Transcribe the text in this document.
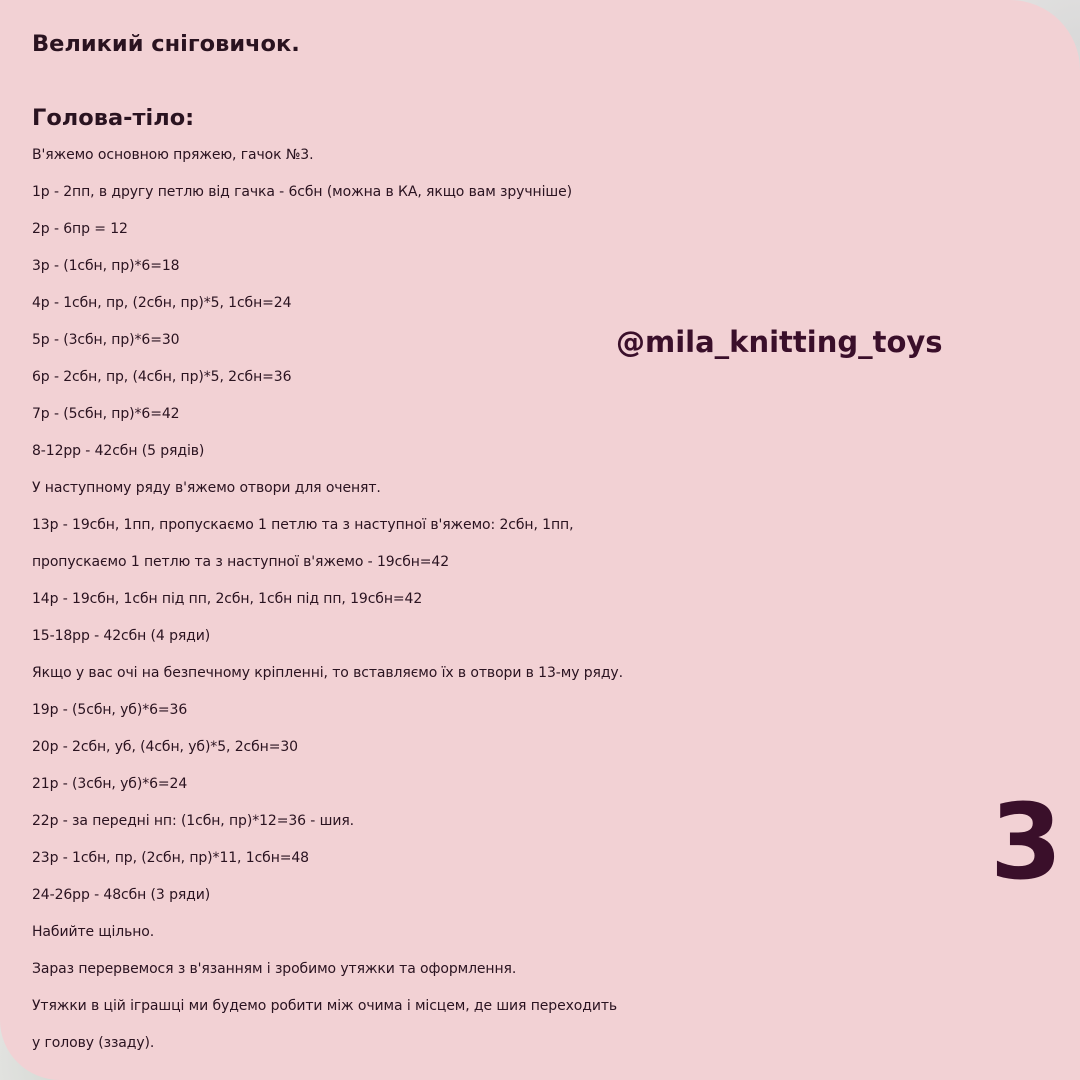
Великий сніговичок.
Голова-тіло:
В'яжемо основною пряжею, гачок №3.
1р - 2пп, в другу петлю від гачка - 6сбн (можна в КА, якщо вам зручніше)
2р - 6пр = 12
3р - (1сбн, пр)*6=18
4р - 1сбн, пр, (2сбн, пр)*5, 1сбн=24
5р - (3сбн, пр)*6=30
6р - 2сбн, пр, (4сбн, пр)*5, 2сбн=36
7р - (5сбн, пр)*6=42
8-12рр - 42сбн (5 рядів)
У наступному ряду в'яжемо отвори для оченят.
13р - 19сбн, 1пп, пропускаємо 1 петлю та з наступної в'яжемо: 2сбн, 1пп,
пропускаємо 1 петлю та з наступної в'яжемо - 19сбн=42
14р - 19сбн, 1сбн під пп, 2сбн, 1сбн під пп, 19сбн=42
15-18рр - 42сбн (4 ряди)
Якщо у вас очі на безпечному кріпленні, то вставляємо їх в отвори в 13-му ряду.
19р - (5сбн, уб)*6=36
20р - 2сбн, уб, (4сбн, уб)*5, 2сбн=30
21р - (3сбн, уб)*6=24
22р - за передні нп: (1сбн, пр)*12=36 - шия.
23р - 1сбн, пр, (2сбн, пр)*11, 1сбн=48
24-26рр - 48сбн (3 ряди)
Набийте щільно.
Зараз перервемося з в'язанням і зробимо утяжки та оформлення.
Утяжки в цій іграшці ми будемо робити між очима і місцем, де шия переходить
у голову (ззаду).
@mila_knitting_toys
3
